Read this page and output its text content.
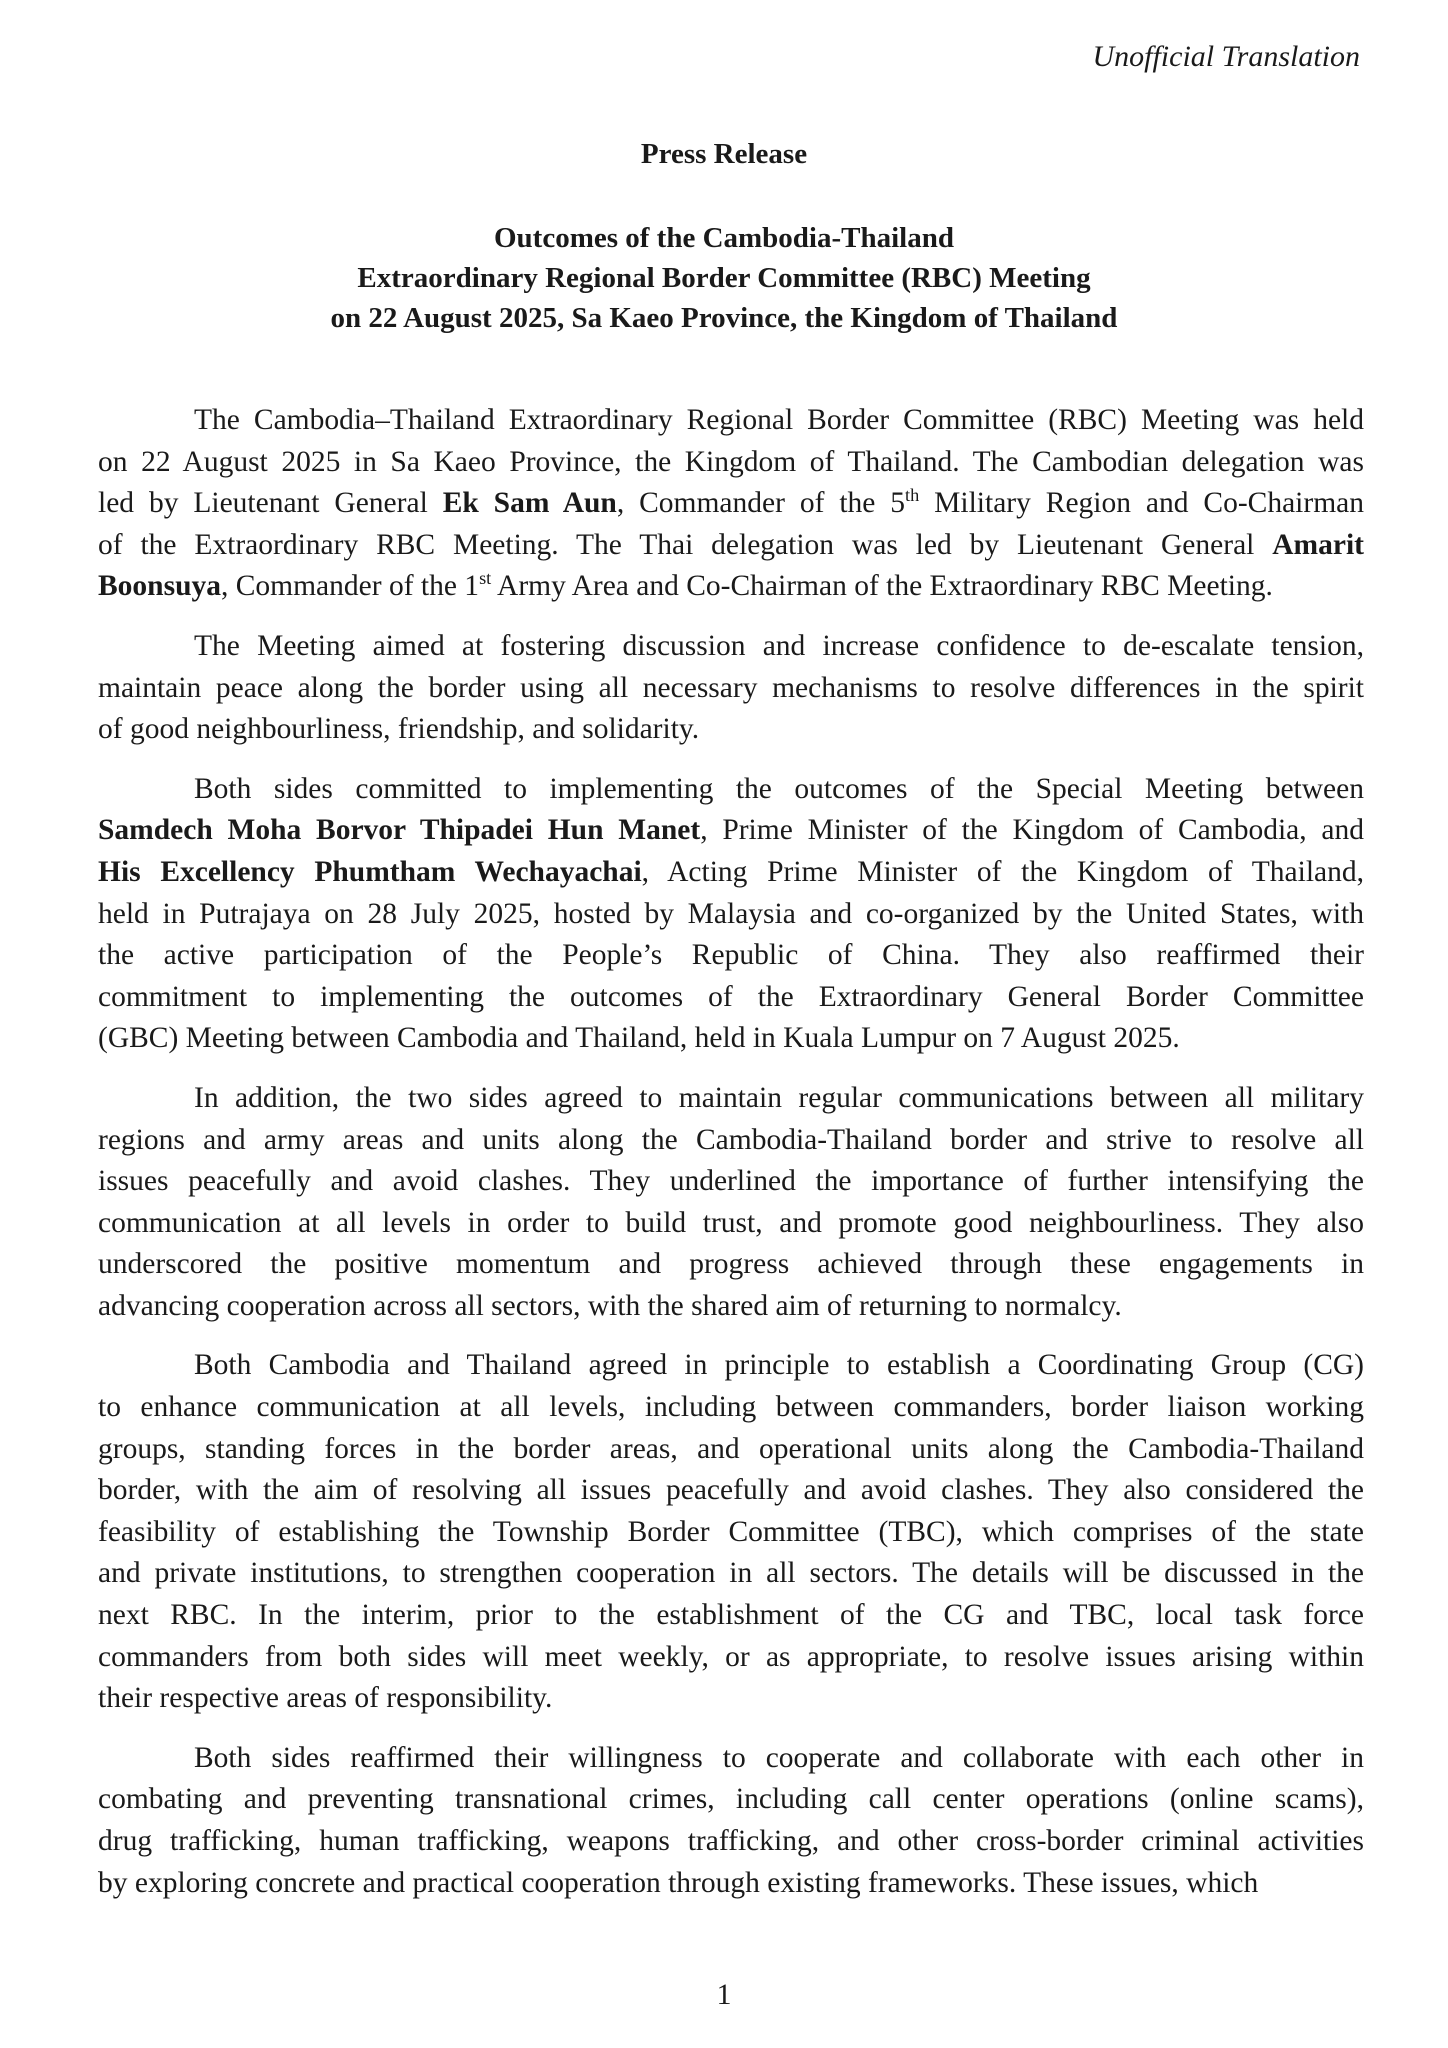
Unofficial Translation
Press Release
Outcomes of the Cambodia-Thailand
Extraordinary Regional Border Committee (RBC) Meeting
on 22 August 2025, Sa Kaeo Province, the Kingdom of Thailand
The Cambodia–Thailand Extraordinary Regional Border Committee (RBC) Meeting was held
on 22 August 2025 in Sa Kaeo Province, the Kingdom of Thailand. The Cambodian delegation was
led by Lieutenant General Ek Sam Aun, Commander of the 5th Military Region and Co-Chairman
of the Extraordinary RBC Meeting. The Thai delegation was led by Lieutenant General Amarit
Boonsuya, Commander of the 1st Army Area and Co-Chairman of the Extraordinary RBC Meeting.
The Meeting aimed at fostering discussion and increase confidence to de-escalate tension,
maintain peace along the border using all necessary mechanisms to resolve differences in the spirit
of good neighbourliness, friendship, and solidarity.
Both sides committed to implementing the outcomes of the Special Meeting between
Samdech Moha Borvor Thipadei Hun Manet, Prime Minister of the Kingdom of Cambodia, and
His Excellency Phumtham Wechayachai, Acting Prime Minister of the Kingdom of Thailand,
held in Putrajaya on 28 July 2025, hosted by Malaysia and co-organized by the United States, with
the active participation of the People’s Republic of China. They also reaffirmed their
commitment to implementing the outcomes of the Extraordinary General Border Committee
(GBC) Meeting between Cambodia and Thailand, held in Kuala Lumpur on 7 August 2025.
In addition, the two sides agreed to maintain regular communications between all military
regions and army areas and units along the Cambodia-Thailand border and strive to resolve all
issues peacefully and avoid clashes. They underlined the importance of further intensifying the
communication at all levels in order to build trust, and promote good neighbourliness. They also
underscored the positive momentum and progress achieved through these engagements in
advancing cooperation across all sectors, with the shared aim of returning to normalcy.
Both Cambodia and Thailand agreed in principle to establish a Coordinating Group (CG)
to enhance communication at all levels, including between commanders, border liaison working
groups, standing forces in the border areas, and operational units along the Cambodia-Thailand
border, with the aim of resolving all issues peacefully and avoid clashes. They also considered the
feasibility of establishing the Township Border Committee (TBC), which comprises of the state
and private institutions, to strengthen cooperation in all sectors. The details will be discussed in the
next RBC. In the interim, prior to the establishment of the CG and TBC, local task force
commanders from both sides will meet weekly, or as appropriate, to resolve issues arising within
their respective areas of responsibility.
Both sides reaffirmed their willingness to cooperate and collaborate with each other in
combating and preventing transnational crimes, including call center operations (online scams),
drug trafficking, human trafficking, weapons trafficking, and other cross-border criminal activities
by exploring concrete and practical cooperation through existing frameworks. These issues, which
1
